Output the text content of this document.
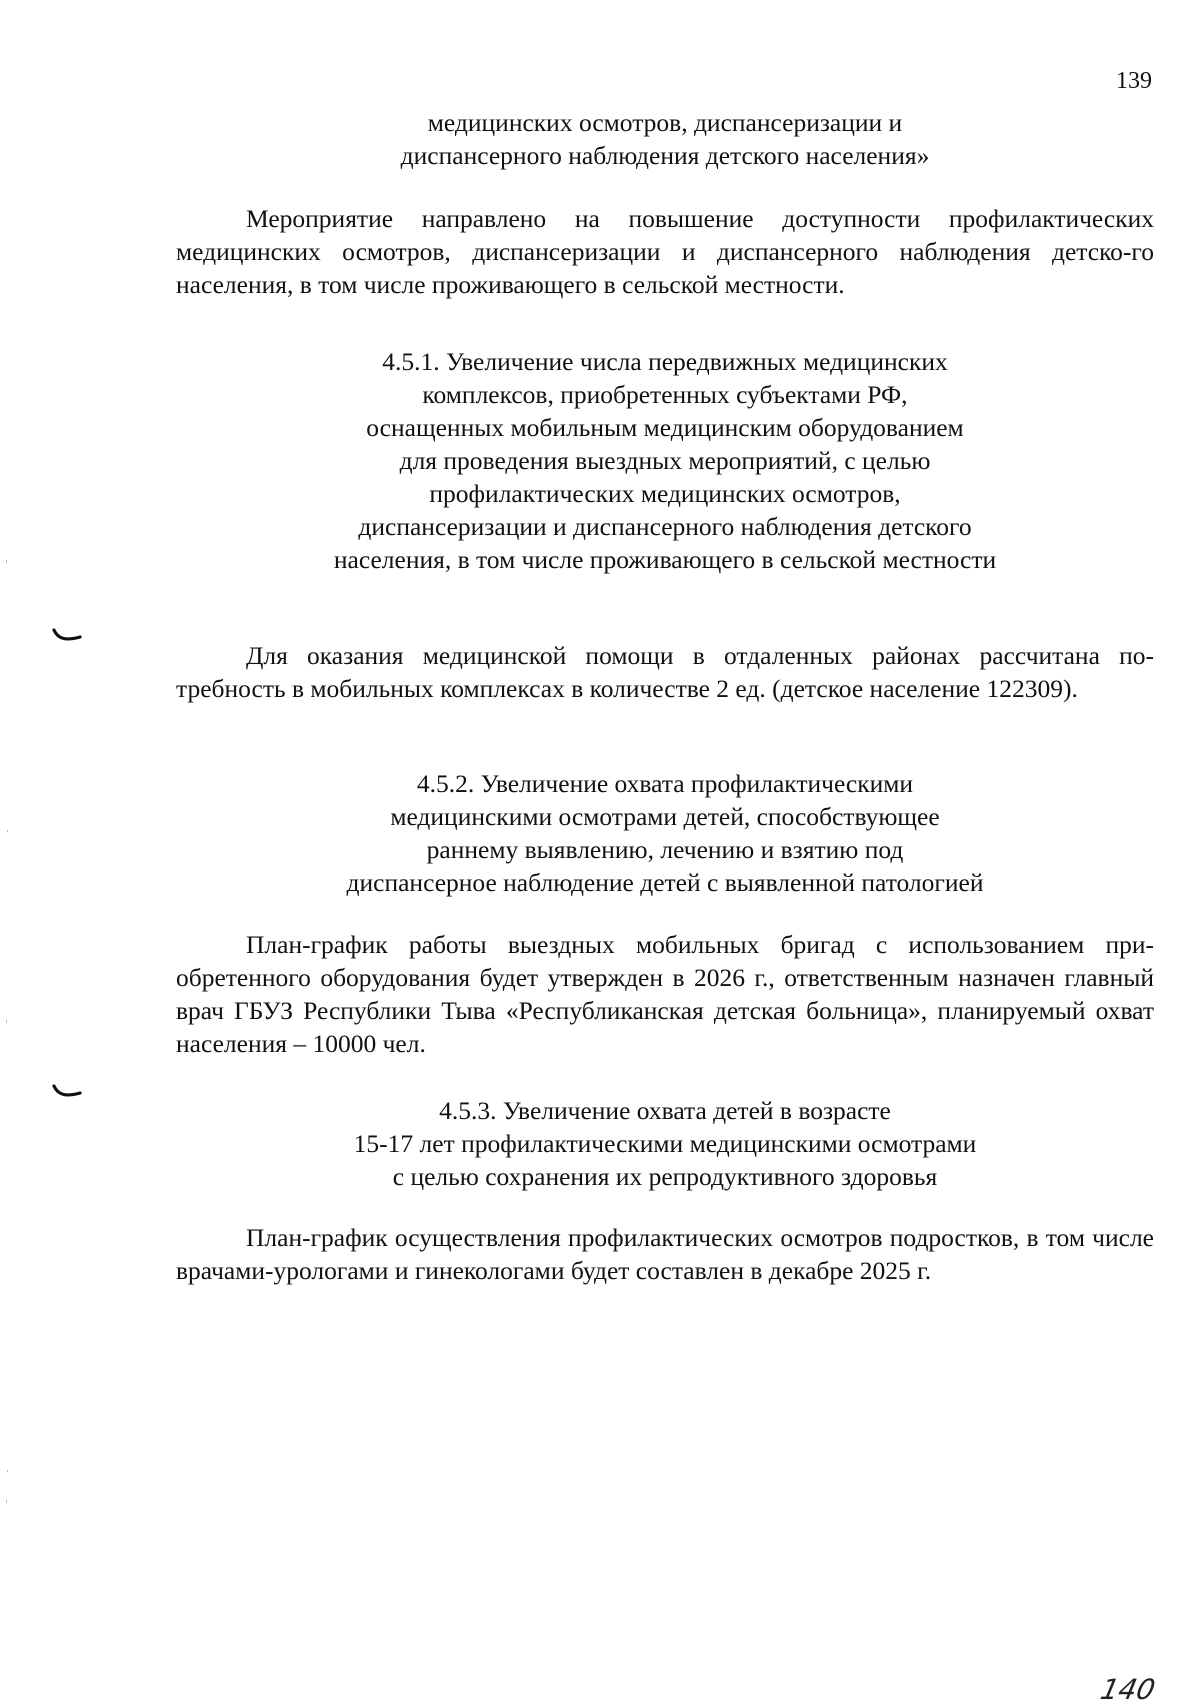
139
медицинских осмотров, диспансеризации и
диспансерного наблюдения детского населения»
Мероприятие направлено на повышение доступности профилактических медицинских осмотров, диспансеризации и диспансерного наблюдения детско-го населения, в том числе проживающего в сельской местности.
4.5.1. Увеличение числа передвижных медицинских
комплексов, приобретенных субъектами РФ,
оснащенных мобильным медицинским оборудованием
для проведения выездных мероприятий, с целью
профилактических медицинских осмотров,
диспансеризации и диспансерного наблюдения детского
населения, в том числе проживающего в сельской местности
Для оказания медицинской помощи в отдаленных районах рассчитана по-требность в мобильных комплексах в количестве 2 ед. (детское население 122309).
4.5.2. Увеличение охвата профилактическими
медицинскими осмотрами детей, способствующее
раннему выявлению, лечению и взятию под
диспансерное наблюдение детей с выявленной патологией
План-график работы выездных мобильных бригад с использованием при-обретенного оборудования будет утвержден в 2026 г., ответственным назначен главный врач ГБУЗ Республики Тыва «Республиканская детская больница», планируемый охват населения – 10000 чел.
4.5.3. Увеличение охвата детей в возрасте
15-17 лет профилактическими медицинскими осмотрами
с целью сохранения их репродуктивного здоровья
План-график осуществления профилактических осмотров подростков, в том числе врачами-урологами и гинекологами будет составлен в декабре 2025 г.
140
